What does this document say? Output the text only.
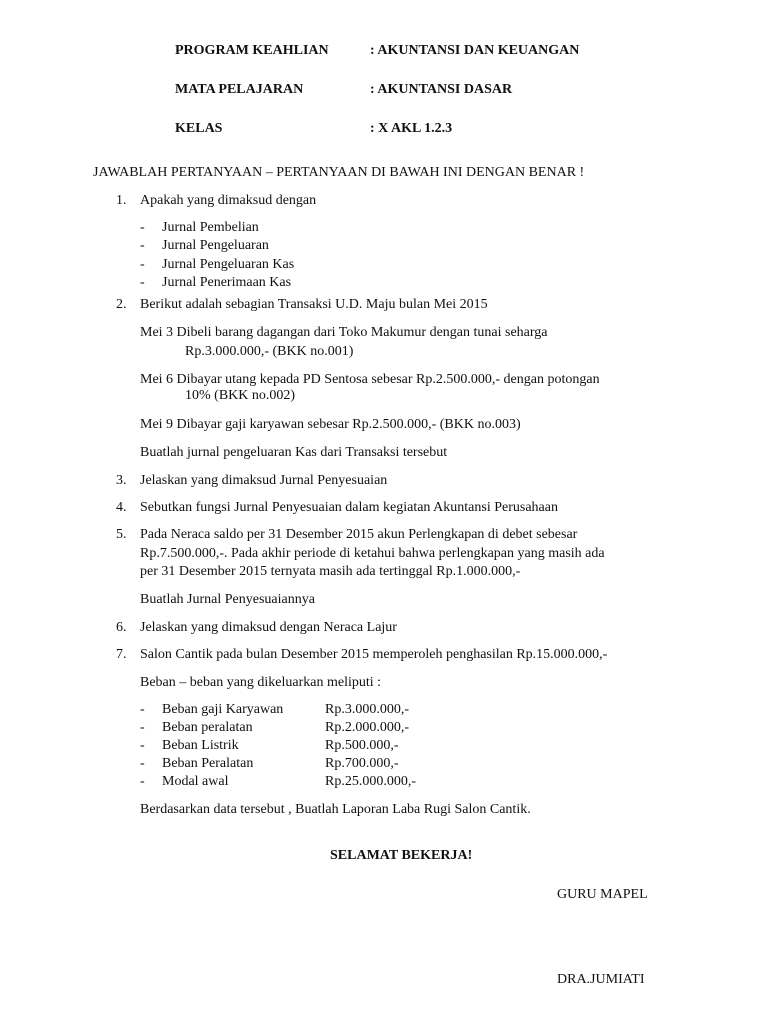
PROGRAM KEAHLIAN	: AKUNTANSI DAN KEUANGAN
MATA PELAJARAN	: AKUNTANSI DASAR
KELAS	: X AKL 1.2.3
JAWABLAH PERTANYAAN – PERTANYAAN DI BAWAH INI DENGAN BENAR !
1. Apakah yang dimaksud dengan
- Jurnal Pembelian
- Jurnal Pengeluaran
- Jurnal Pengeluaran Kas
- Jurnal Penerimaan Kas
2. Berikut adalah sebagian Transaksi U.D. Maju bulan Mei 2015
Mei 3 Dibeli barang dagangan dari Toko Makumur dengan tunai seharga
Rp.3.000.000,- (BKK no.001)
Mei 6 Dibayar utang kepada PD Sentosa sebesar Rp.2.500.000,- dengan potongan
10% (BKK no.002)
Mei 9 Dibayar gaji karyawan sebesar Rp.2.500.000,- (BKK no.003)
Buatlah jurnal pengeluaran Kas dari Transaksi tersebut
3. Jelaskan yang dimaksud Jurnal Penyesuaian
4. Sebutkan fungsi Jurnal Penyesuaian dalam kegiatan Akuntansi Perusahaan
5. Pada Neraca saldo per 31 Desember 2015 akun Perlengkapan di debet sebesar
Rp.7.500.000,-. Pada akhir periode di ketahui bahwa perlengkapan yang masih ada
per 31 Desember 2015 ternyata masih ada tertinggal Rp.1.000.000,-
Buatlah Jurnal Penyesuaiannya
6. Jelaskan yang dimaksud dengan Neraca Lajur
7. Salon Cantik pada bulan Desember 2015 memperoleh penghasilan Rp.15.000.000,-
Beban – beban yang dikeluarkan meliputi :
- Beban gaji Karyawan	Rp.3.000.000,-
- Beban peralatan	Rp.2.000.000,-
- Beban Listrik	Rp.500.000,-
- Beban Peralatan	Rp.700.000,-
- Modal awal	Rp.25.000.000,-
Berdasarkan data tersebut , Buatlah Laporan Laba Rugi Salon Cantik.
SELAMAT BEKERJA!
GURU MAPEL
DRA.JUMIATI
